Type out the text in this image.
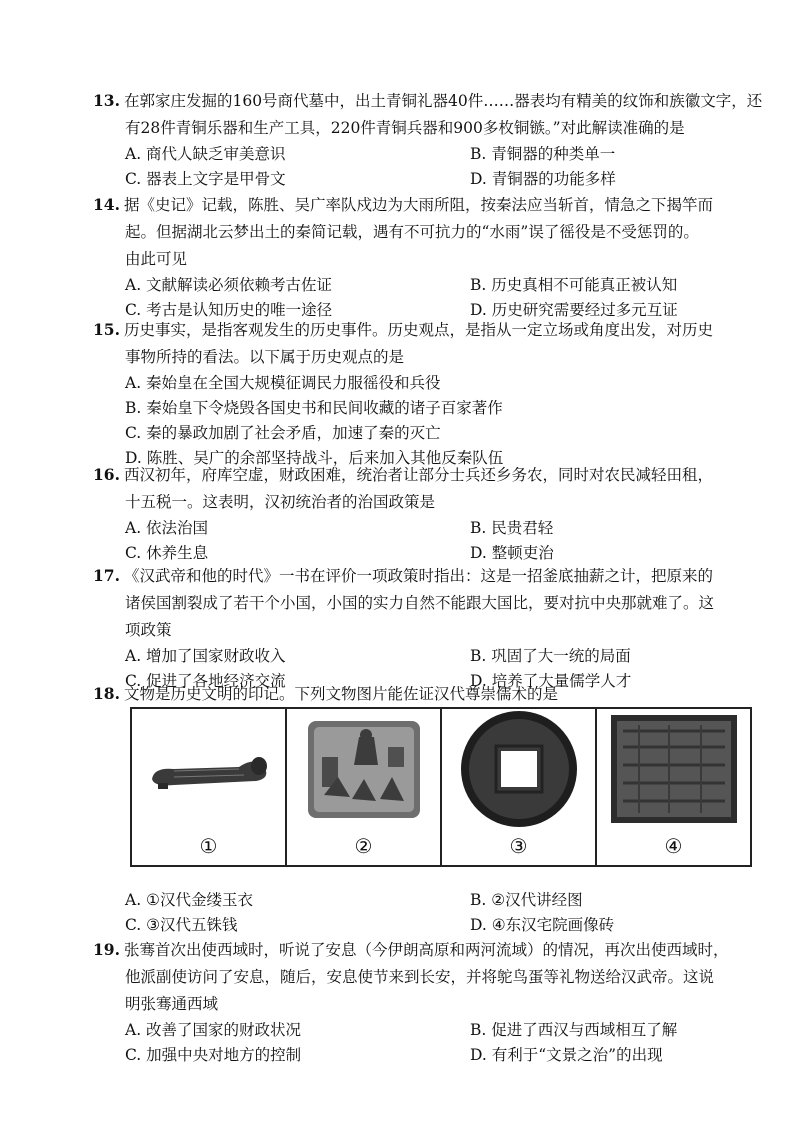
13. 在郭家庄发掘的160号商代墓中，出土青铜礼器40件……器表均有精美的纹饰和族徽文字，还
有28件青铜乐器和生产工具，220件青铜兵器和900多枚铜镞。”对此解读准确的是
A. 商代人缺乏审美意识	B. 青铜器的种类单一
C. 器表上文字是甲骨文	D. 青铜器的功能多样
14. 据《史记》记载，陈胜、吴广率队戍边为大雨所阻，按秦法应当斩首，情急之下揭竿而
起。但据湖北云梦出土的秦简记载，遇有不可抗力的“水雨”误了徭役是不受惩罚的。
由此可见
A. 文献解读必须依赖考古佐证	B. 历史真相不可能真正被认知
C. 考古是认知历史的唯一途径	D. 历史研究需要经过多元互证
15. 历史事实，是指客观发生的历史事件。历史观点，是指从一定立场或角度出发，对历史
事物所持的看法。以下属于历史观点的是
A. 秦始皇在全国大规模征调民力服徭役和兵役
B. 秦始皇下令烧毁各国史书和民间收藏的诸子百家著作
C. 秦的暴政加剧了社会矛盾，加速了秦的灭亡
D. 陈胜、吴广的余部坚持战斗，后来加入其他反秦队伍
16. 西汉初年，府库空虚，财政困难，统治者让部分士兵还乡务农，同时对农民减轻田租，
十五税一。这表明，汉初统治者的治国政策是
A. 依法治国	B. 民贵君轻
C. 休养生息	D. 整顿吏治
17. 《汉武帝和他的时代》一书在评价一项政策时指出：这是一招釜底抽薪之计，把原来的
诸侯国割裂成了若干个小国，小国的实力自然不能跟大国比，要对抗中央那就难了。这
项政策
A. 增加了国家财政收入	B. 巩固了大一统的局面
C. 促进了各地经济交流	D. 培养了大量儒学人才
18. 文物是历史文明的印记。下列文物图片能佐证汉代尊崇儒术的是
①	②	③	④
A. ①汉代金缕玉衣	B. ②汉代讲经图
C. ③汉代五铢钱	D. ④东汉宅院画像砖
19. 张骞首次出使西域时，听说了安息（今伊朗高原和两河流域）的情况，再次出使西域时，
他派副使访问了安息，随后，安息使节来到长安，并将鸵鸟蛋等礼物送给汉武帝。这说
明张骞通西域
A. 改善了国家的财政状况	B. 促进了西汉与西域相互了解
C. 加强中央对地方的控制	D. 有利于“文景之治”的出现
